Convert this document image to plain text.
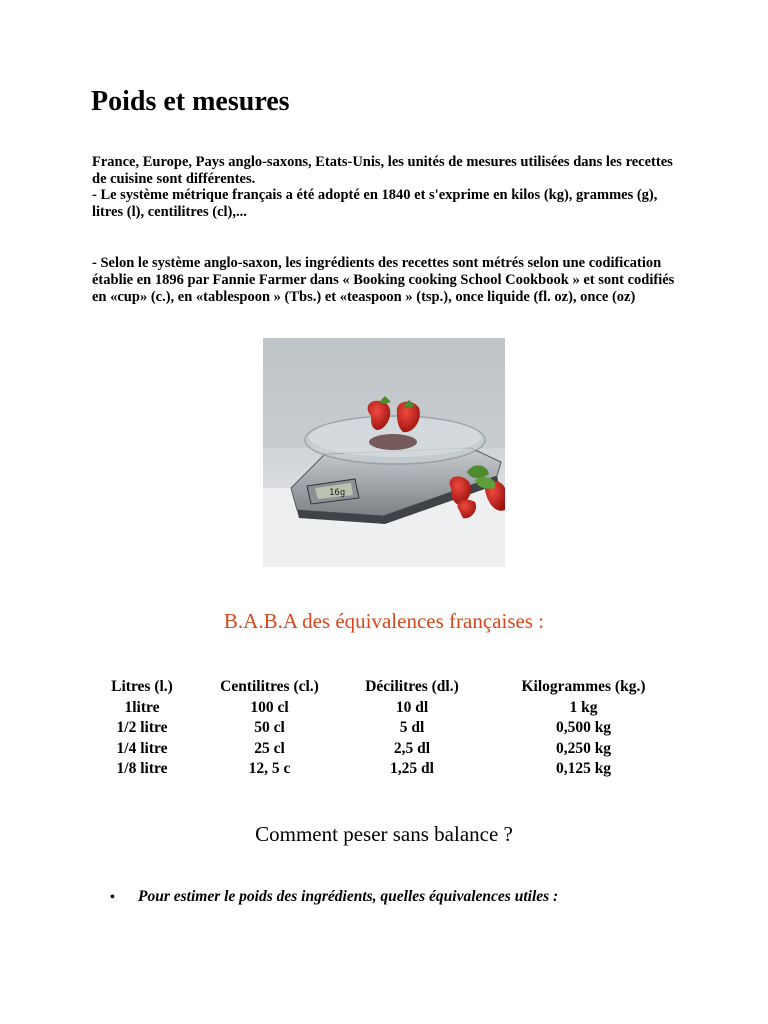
Poids et mesures

France, Europe, Pays anglo-saxons, Etats-Unis, les unités de mesures utilisées dans les recettes de cuisine sont différentes.

- Le système métrique français a été adopté en 1840 et s'exprime en kilos (kg), grammes (g), litres (l), centilitres (cl),...

- Selon le système anglo-saxon, les ingrédients des recettes sont métrés selon une codification établie en 1896 par Fannie Farmer dans « Booking cooking School Cookbook » et sont codifiés en «cup» (c.), en «tablespoon » (Tbs.) et «teaspoon » (tsp.), once liquide (fl. oz), once (oz)

16g
B.A.B.A des équivalences françaises :
Litres (l.)	Centilitres (cl.)	Décilitres (dl.)	Kilogrammes (kg.)
1litre	100 cl	10 dl	1 kg
1/2 litre	50 cl	5 dl	0,500 kg
1/4 litre	25 cl	2,5 dl	0,250 kg
1/8 litre	12, 5 c	1,25 dl	0,125 kg
Comment peser sans balance ?
•	Pour estimer le poids des ingrédients, quelles équivalences utiles :
